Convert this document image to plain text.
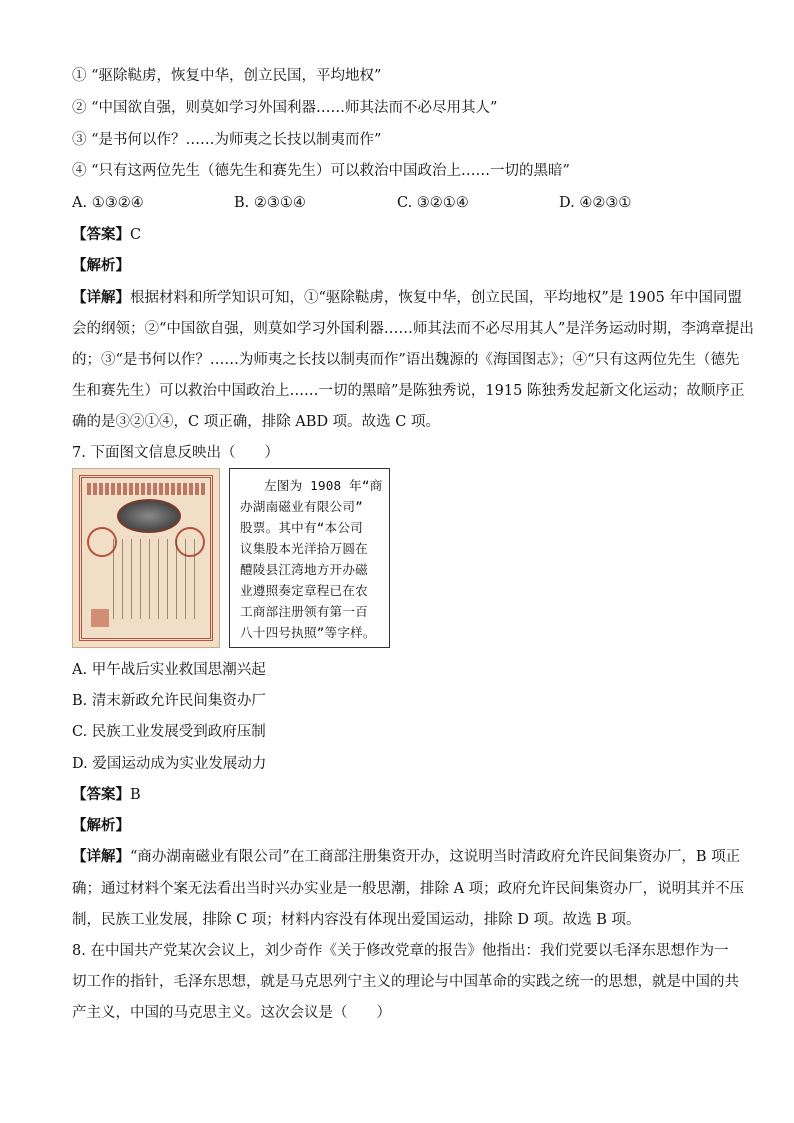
① “驱除鞑虏，恢复中华，创立民国，平均地权”
② “中国欲自强，则莫如学习外国利器……师其法而不必尽用其人”
③ “是书何以作？……为师夷之长技以制夷而作”
④ “只有这两位先生（德先生和赛先生）可以救治中国政治上……一切的黑暗”
A. ①③②④	B. ②③①④	C. ③②①④	D. ④②③①
【答案】C
【解析】
【详解】根据材料和所学知识可知，①“驱除鞑虏，恢复中华，创立民国，平均地权”是 1905 年中国同盟
会的纲领；②“中国欲自强，则莫如学习外国利器……师其法而不必尽用其人”是洋务运动时期，李鸿章提出
的；③“是书何以作？……为师夷之长技以制夷而作”语出魏源的《海国图志》；④“只有这两位先生（德先
生和赛先生）可以救治中国政治上……一切的黑暗”是陈独秀说，1915 陈独秀发起新文化运动；故顺序正
确的是③②①④，C 项正确，排除 ABD 项。故选 C 项。
7. 下面图文信息反映出（　　）
左图为 1908 年“商
办湖南磁业有限公司”
股票。其中有“本公司
议集股本光洋拾万圆在
醴陵县江湾地方开办磁
业遵照奏定章程已在农
工商部注册领有第一百
八十四号执照”等字样。
A. 甲午战后实业救国思潮兴起
B. 清末新政允许民间集资办厂
C. 民族工业发展受到政府压制
D. 爱国运动成为实业发展动力
【答案】B
【解析】
【详解】“商办湖南磁业有限公司”在工商部注册集资开办，这说明当时清政府允许民间集资办厂，B 项正
确；通过材料个案无法看出当时兴办实业是一般思潮，排除 A 项；政府允许民间集资办厂，说明其并不压
制，民族工业发展，排除 C 项；材料内容没有体现出爱国运动，排除 D 项。故选 B 项。
8. 在中国共产党某次会议上，刘少奇作《关于修改党章的报告》他指出：我们党要以毛泽东思想作为一
切工作的指针，毛泽东思想，就是马克思列宁主义的理论与中国革命的实践之统一的思想，就是中国的共
产主义，中国的马克思主义。这次会议是（　　）
